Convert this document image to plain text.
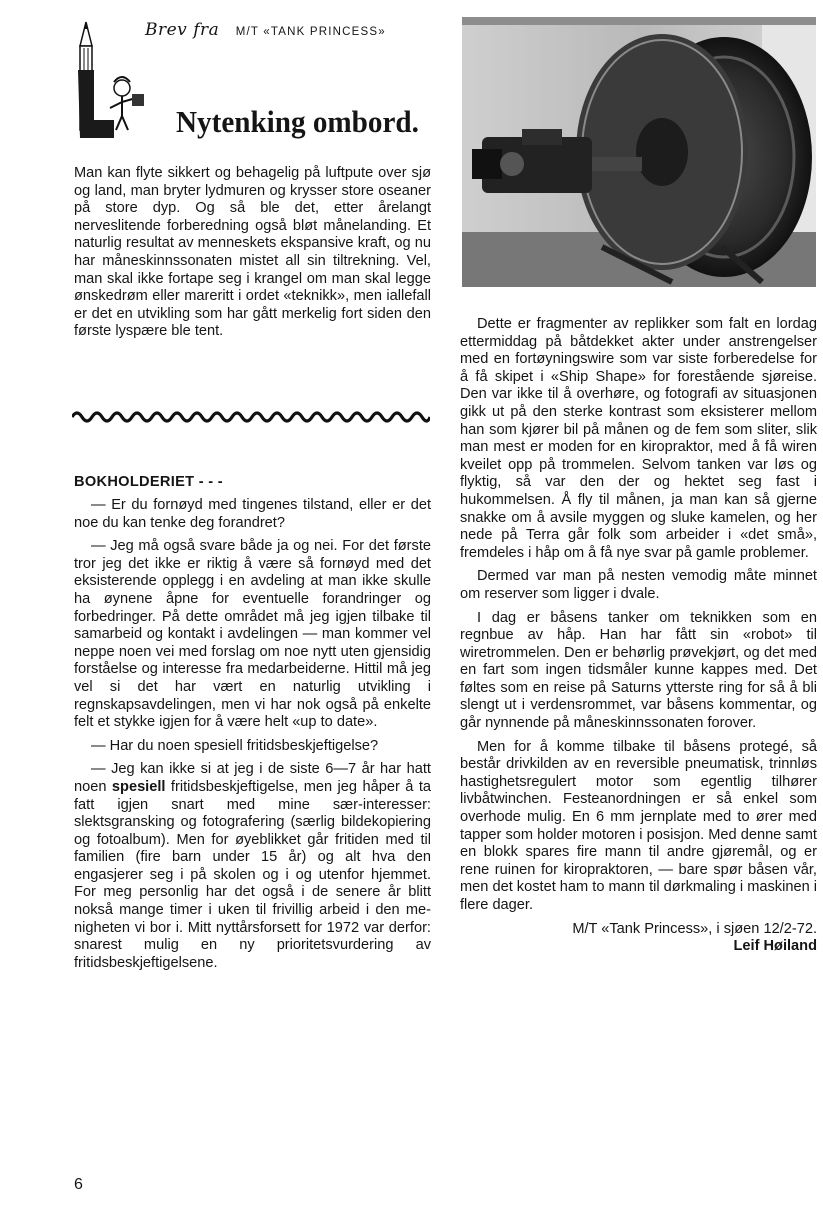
Brev fra M/T «TANK PRINCESS»
Nytenking ombord.

Man kan flyte sikkert og behagelig på luftpute over sjø og land, man bryter lydmuren og krysser store oseaner på store dyp. Og så ble det, etter årelangt nerveslitende forberedning også bløt månelanding. Et naturlig resultat av menneskets ekspansive kraft, og nu har måneskinnssonaten mistet all sin tiltrekning. Vel, man skal ikke fortape seg i krangel om man skal legge ønskedrøm eller mareritt i ordet «teknikk», men iallefall er det en utvikling som har gått merkelig fort siden den første lyspære ble tent.

BOKHOLDERIET - - -

— Er du fornøyd med tingenes tilstand, eller er det noe du kan tenke deg forandret?

— Jeg må også svare både ja og nei. For det første tror jeg det ikke er riktig å være så fornøyd med det eksisterende opplegg i en avdeling at man ikke skulle ha øynene åpne for eventuelle forandringer og forbedringer. På dette området må jeg igjen tilbake til samarbeid og kontakt i avdelingen — man kommer vel neppe noen vei med forslag om noe nytt uten gjensidig forståelse og interesse fra medarbeiderne. Hittil må jeg vel si det har vært en naturlig utvikling i regnskapsavdelingen, men vi har nok også på enkelte felt et stykke igjen for å være helt «up to date».

— Har du noen spesiell fritidsbeskjeftigelse?

— Jeg kan ikke si at jeg i de siste 6—7 år har hatt noen spesiell fritidsbeskjeftigelse, men jeg håper å ta fatt igjen snart med mine sær-interesser: slektsgransking og fotografering (særlig bildekopiering og fotoalbum). Men for øyeblikket går fritiden med til familien (fire barn under 15 år) og alt hva den engasjerer seg i på skolen og i og utenfor hjemmet. For meg personlig har det også i de senere år blitt nokså mange timer i uken til frivillig arbeid i den menigheten vi bor i. Mitt nyttårsforsett for 1972 var derfor: snarest mulig en ny prioritetsvurdering av fritidsbeskjeftigelsene.

Dette er fragmenter av replikker som falt en lordag ettermiddag på båtdekket akter under anstrengelser med en fortøyningswire som var siste forberedelse for å få skipet i «Ship Shape» for forestående sjøreise. Den var ikke til å overhøre, og fotografi av situasjonen gikk ut på den sterke kontrast som eksisterer mellom han som kjører bil på månen og de fem som sliter, slik man mest er moden for en kiropraktor, med å få wiren kveilet opp på trommelen. Selvom tanken var løs og flyktig, så var den der og hektet seg fast i hukommelsen. Å fly til månen, ja man kan så gjerne snakke om å avsile myggen og sluke kamelen, og her nede på Terra går folk som arbeider i «det små», fremdeles i håp om å få nye svar på gamle problemer.

Dermed var man på nesten vemodig måte minnet om reserver som ligger i dvale.

I dag er båsens tanker om teknikken som en regnbue av håp. Han har fått sin «robot» til wiretrommelen. Den er behørlig prøvekjørt, og det med en fart som ingen tidsmåler kunne kappes med. Det føltes som en reise på Saturns ytterste ring for så å bli slengt ut i verdensrommet, var båsens kommentar, og går nynnende på måneskinnssonaten forover.

Men for å komme tilbake til båsens protegé, så består drivkilden av en reversible pneumatisk, trinnløs hastighetsregulert motor som egentlig tilhører livbåtwinchen. Festeanordningen er så enkel som overhode mulig. En 6 mm jernplate med to ører med tapper som holder motoren i posisjon. Med denne samt en blokk spares fire mann til andre gjøremål, og er rene ruinen for kiropraktoren, — bare spør båsen vår, men det kostet ham to mann til dørkmaling i maskinen i flere dager.

M/T «Tank Princess», i sjøen 12/2-72.
Leif Høiland

6
